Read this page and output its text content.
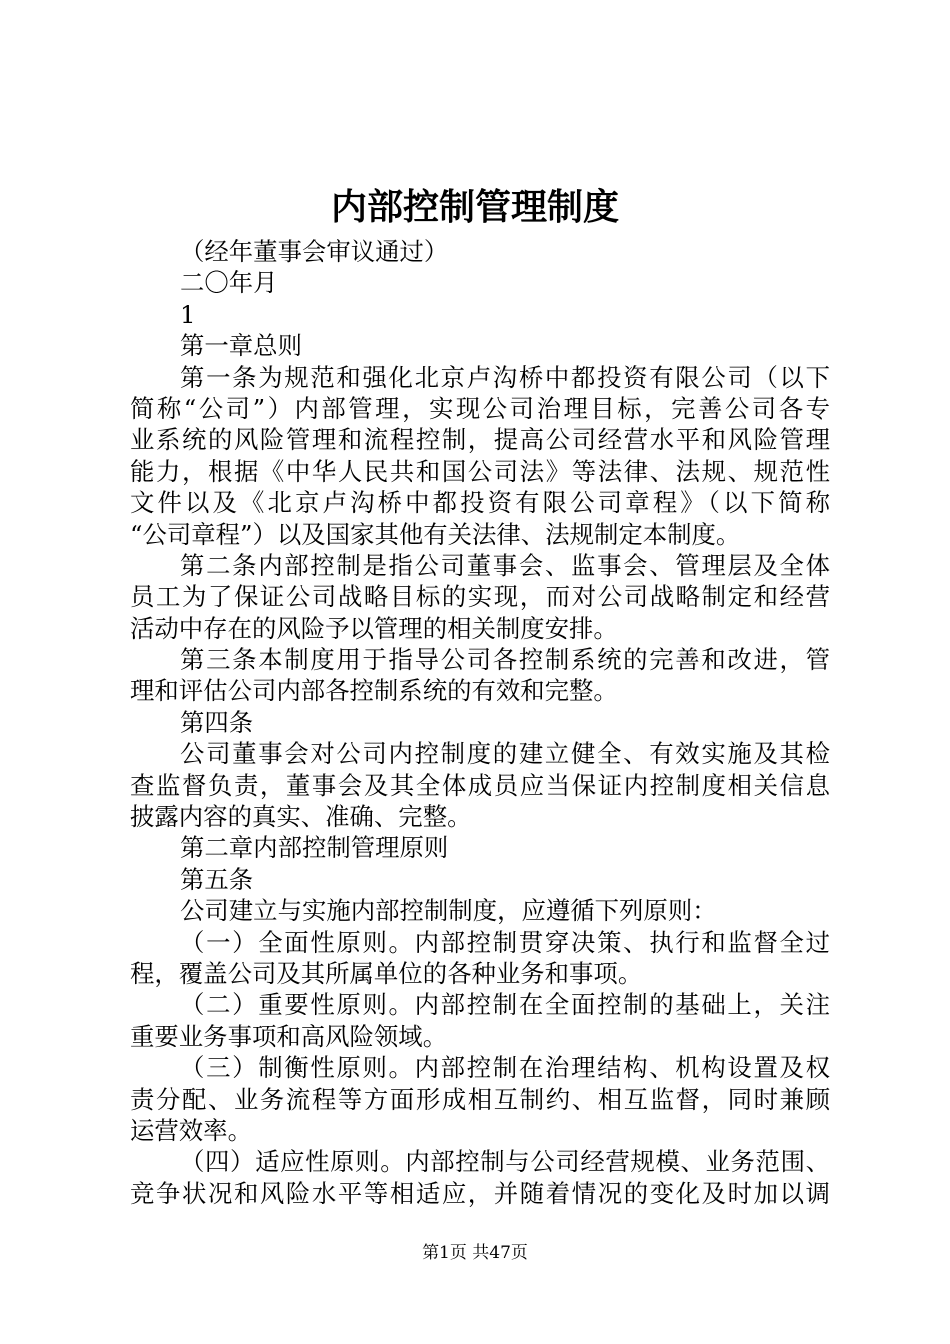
内部控制管理制度
（经年董事会审议通过）
二〇年月
1
第一章总则
第一条为规范和强化北京卢沟桥中都投资有限公司（以下
简称“公司”）内部管理，实现公司治理目标，完善公司各专
业系统的风险管理和流程控制，提高公司经营水平和风险管理
能力，根据《中华人民共和国公司法》等法律、法规、规范性
文件以及《北京卢沟桥中都投资有限公司章程》（以下简称
“公司章程”）以及国家其他有关法律、法规制定本制度。
第二条内部控制是指公司董事会、监事会、管理层及全体
员工为了保证公司战略目标的实现，而对公司战略制定和经营
活动中存在的风险予以管理的相关制度安排。
第三条本制度用于指导公司各控制系统的完善和改进，管
理和评估公司内部各控制系统的有效和完整。
第四条
公司董事会对公司内控制度的建立健全、有效实施及其检
查监督负责，董事会及其全体成员应当保证内控制度相关信息
披露内容的真实、准确、完整。
第二章内部控制管理原则
第五条
公司建立与实施内部控制制度，应遵循下列原则：
（一）全面性原则。内部控制贯穿决策、执行和监督全过
程，覆盖公司及其所属单位的各种业务和事项。
（二）重要性原则。内部控制在全面控制的基础上，关注
重要业务事项和高风险领域。
（三）制衡性原则。内部控制在治理结构、机构设置及权
责分配、业务流程等方面形成相互制约、相互监督，同时兼顾
运营效率。
（四）适应性原则。内部控制与公司经营规模、业务范围、
竞争状况和风险水平等相适应，并随着情况的变化及时加以调
第1页 共47页
